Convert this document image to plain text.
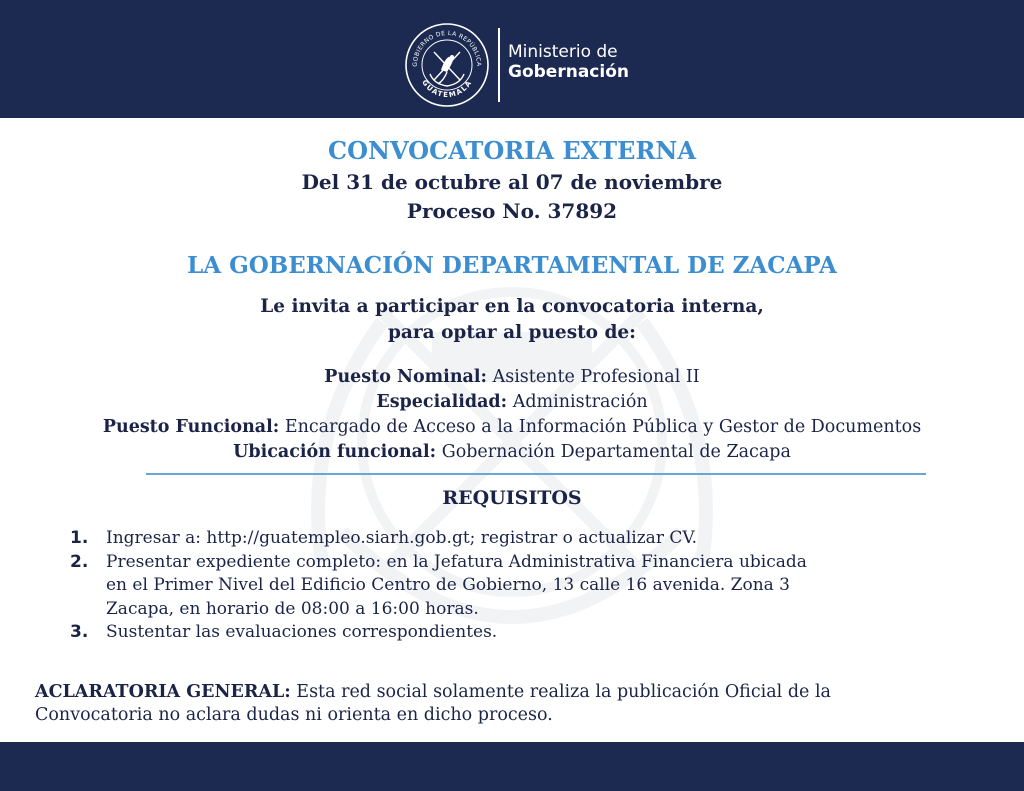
GOBIERNO DE LA REPÚBLICA
GUATEMALA
Ministerio de
Gobernación
CONVOCATORIA EXTERNA
Del 31 de octubre al 07 de noviembre
Proceso No. 37892
LA GOBERNACIÓN DEPARTAMENTAL DE ZACAPA
Le invita a participar en la convocatoria interna,
para optar al puesto de:
Puesto Nominal: Asistente Profesional II
Especialidad: Administración
Puesto Funcional: Encargado de Acceso a la Información Pública y Gestor de Documentos
Ubicación funcional: Gobernación Departamental de Zacapa
REQUISITOS
1. Ingresar a: http://guatempleo.siarh.gob.gt; registrar o actualizar CV.
2. Presentar expediente completo: en la Jefatura Administrativa Financiera ubicada
en el Primer Nivel del Edificio Centro de Gobierno, 13 calle 16 avenida. Zona 3
Zacapa, en horario de 08:00 a 16:00 horas.
3. Sustentar las evaluaciones correspondientes.
ACLARATORIA GENERAL: Esta red social solamente realiza la publicación Oficial de la
Convocatoria no aclara dudas ni orienta en dicho proceso.
